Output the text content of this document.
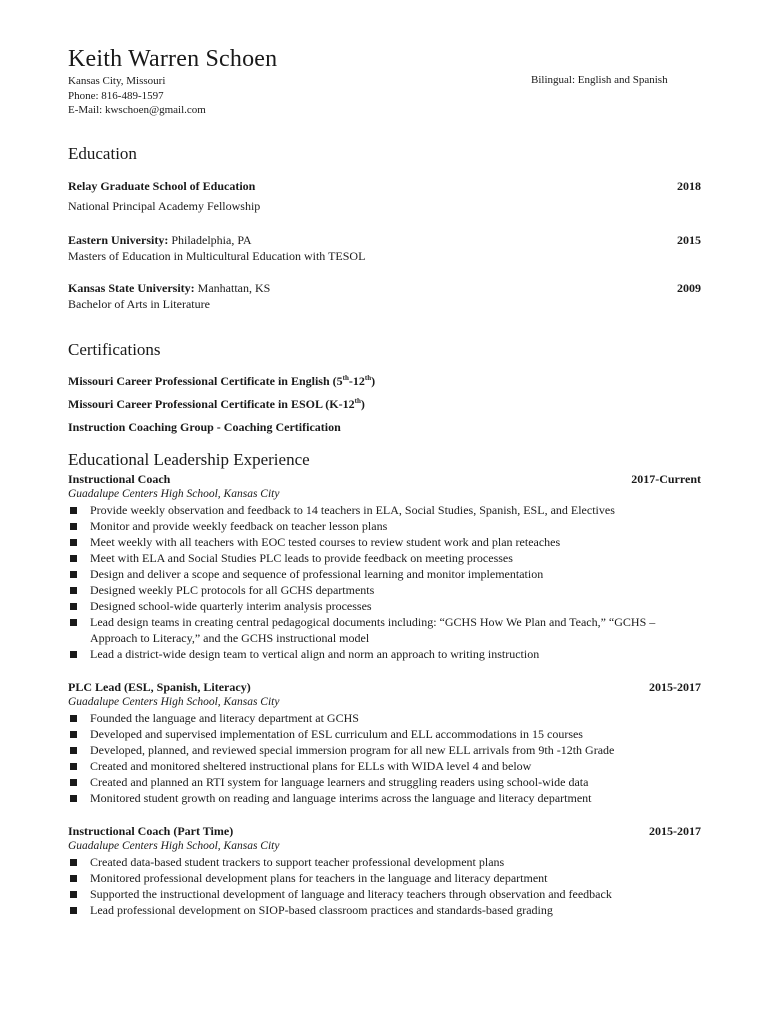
Keith Warren Schoen
Kansas City, Missouri
Phone: 816-489-1597
E-Mail: kwschoen@gmail.com
Bilingual: English and Spanish
Education
Relay Graduate School of Education	2018
National Principal Academy Fellowship
Eastern University: Philadelphia, PA	2015
Masters of Education in Multicultural Education with TESOL
Kansas State University: Manhattan, KS	2009
Bachelor of Arts in Literature
Certifications
Missouri Career Professional Certificate in English (5th-12th)
Missouri Career Professional Certificate in ESOL (K-12th)
Instruction Coaching Group - Coaching Certification
Educational Leadership Experience
Instructional Coach	2017-Current
Guadalupe Centers High School, Kansas City
Provide weekly observation and feedback to 14 teachers in ELA, Social Studies, Spanish, ESL, and Electives
Monitor and provide weekly feedback on teacher lesson plans
Meet weekly with all teachers with EOC tested courses to review student work and plan reteaches
Meet with ELA and Social Studies PLC leads to provide feedback on meeting processes
Design and deliver a scope and sequence of professional learning and monitor implementation
Designed weekly PLC protocols for all GCHS departments
Designed school-wide quarterly interim analysis processes
Lead design teams in creating central pedagogical documents including: “GCHS How We Plan and Teach,” “GCHS – Approach to Literacy,” and the GCHS instructional model
Lead a district-wide design team to vertical align and norm an approach to writing instruction
PLC Lead (ESL, Spanish, Literacy)	2015-2017
Guadalupe Centers High School, Kansas City
Founded the language and literacy department at GCHS
Developed and supervised implementation of ESL curriculum and ELL accommodations in 15 courses
Developed, planned, and reviewed special immersion program for all new ELL arrivals from 9th -12th Grade
Created and monitored sheltered instructional plans for ELLs with WIDA level 4 and below
Created and planned an RTI system for language learners and struggling readers using school-wide data
Monitored student growth on reading and language interims across the language and literacy department
Instructional Coach (Part Time)	2015-2017
Guadalupe Centers High School, Kansas City
Created data-based student trackers to support teacher professional development plans
Monitored professional development plans for teachers in the language and literacy department
Supported the instructional development of language and literacy teachers through observation and feedback
Lead professional development on SIOP-based classroom practices and standards-based grading
